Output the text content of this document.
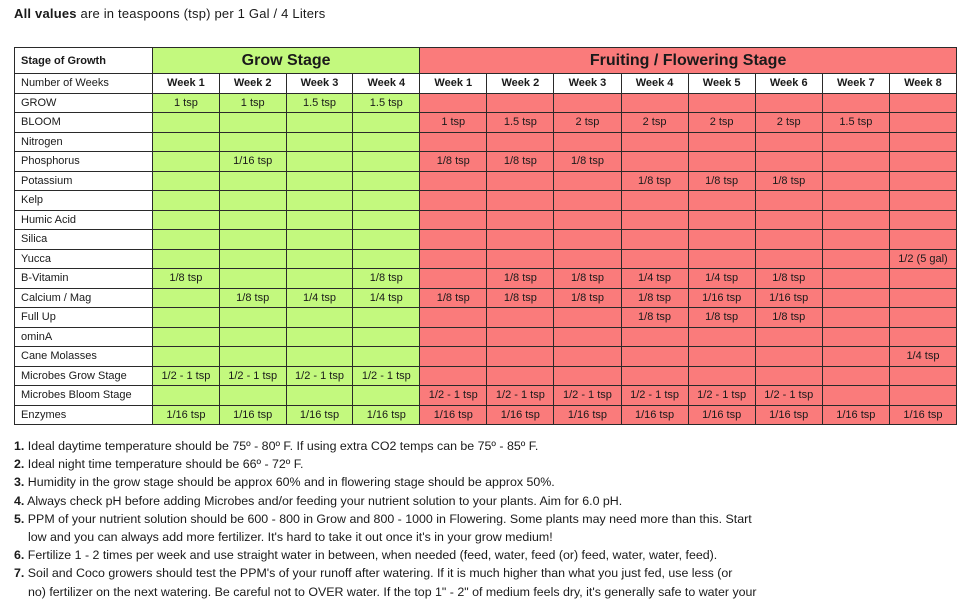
All values are in teaspoons (tsp) per 1 Gal / 4 Liters
Stage of Growth	Grow Stage				Fruiting / Flowering Stage							
Number of Weeks	Week 1	Week 2	Week 3	Week 4	Week 1	Week 2	Week 3	Week 4	Week 5	Week 6	Week 7	Week 8
GROW	1 tsp	1 tsp	1.5 tsp	1.5 tsp								
BLOOM					1 tsp	1.5 tsp	2 tsp	2 tsp	2 tsp	2 tsp	1.5 tsp	
Nitrogen												
Phosphorus		1/16 tsp			1/8 tsp	1/8 tsp	1/8 tsp					
Potassium								1/8 tsp	1/8 tsp	1/8 tsp		
Kelp												
Humic Acid												
Silica												
Yucca												1/2 (5 gal)
B-Vitamin	1/8 tsp			1/8 tsp		1/8 tsp	1/8 tsp	1/4 tsp	1/4 tsp	1/8 tsp		
Calcium / Mag		1/8 tsp	1/4 tsp	1/4 tsp	1/8 tsp	1/8 tsp	1/8 tsp	1/8 tsp	1/16 tsp	1/16 tsp		
Full Up								1/8 tsp	1/8 tsp	1/8 tsp		
ominA												
Cane Molasses												1/4 tsp
Microbes Grow Stage	1/2 - 1 tsp	1/2 - 1 tsp	1/2 - 1 tsp	1/2 - 1 tsp								
Microbes Bloom Stage					1/2 - 1 tsp	1/2 - 1 tsp	1/2 - 1 tsp	1/2 - 1 tsp	1/2 - 1 tsp	1/2 - 1 tsp		
Enzymes	1/16 tsp	1/16 tsp	1/16 tsp	1/16 tsp	1/16 tsp	1/16 tsp	1/16 tsp	1/16 tsp	1/16 tsp	1/16 tsp	1/16 tsp	1/16 tsp
1. Ideal daytime temperature should be 75º - 80º F. If using extra CO2 temps can be 75º - 85º F.
2. Ideal night time temperature should be 66º - 72º F.
3. Humidity in the grow stage should be approx 60% and in flowering stage should be approx 50%.
4. Always check pH before adding Microbes and/or feeding your nutrient solution to your plants. Aim for 6.0 pH.
5. PPM of your nutrient solution should be 600 - 800 in Grow and 800 - 1000 in Flowering. Some plants may need more than this. Start
low and you can always add more fertilizer. It's hard to take it out once it's in your grow medium!
6. Fertilize 1 - 2 times per week and use straight water in between, when needed (feed, water, feed (or) feed, water, water, feed).
7. Soil and Coco growers should test the PPM's of your runoff after watering. If it is much higher than what you just fed, use less (or
no) fertilizer on the next watering. Be careful not to OVER water. If the top 1" - 2" of medium feels dry, it's generally safe to water your
